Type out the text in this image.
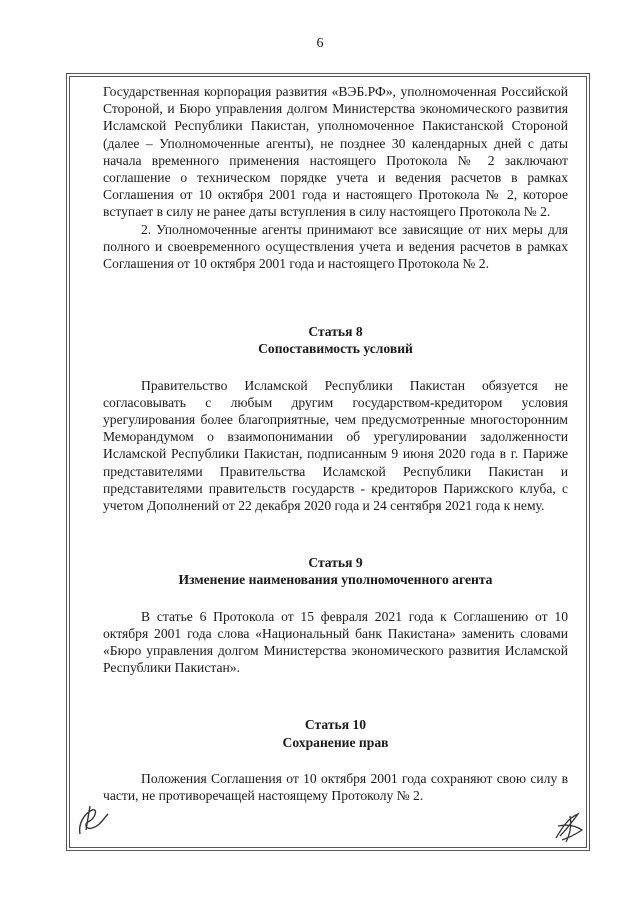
6

Государственная корпорация развития «ВЭБ.РФ», уполномоченная Российской Стороной, и Бюро управления долгом Министерства экономического развития Исламской Республики Пакистан, уполномоченное Пакистанской Стороной (далее – Уполномоченные агенты), не позднее 30 календарных дней с даты начала временного применения настоящего Протокола № 2 заключают соглашение о техническом порядке учета и ведения расчетов в рамках Соглашения от 10 октября 2001 года и настоящего Протокола № 2, которое вступает в силу не ранее даты вступления в силу настоящего Протокола № 2.

2. Уполномоченные агенты принимают все зависящие от них меры для полного и своевременного осуществления учета и ведения расчетов в рамках Соглашения от 10 октября 2001 года и настоящего Протокола № 2.

Статья 8
Сопоставимость условий

Правительство Исламской Республики Пакистан обязуется не согласовывать с любым другим государством-кредитором условия урегулирования более благоприятные, чем предусмотренные многосторонним Меморандумом о взаимопонимании об урегулировании задолженности Исламской Республики Пакистан, подписанным 9 июня 2020 года в г. Париже представителями Правительства Исламской Республики Пакистан и представителями правительств государств - кредиторов Парижского клуба, с учетом Дополнений от 22 декабря 2020 года и 24 сентября 2021 года к нему.

Статья 9
Изменение наименования уполномоченного агента

В статье 6 Протокола от 15 февраля 2021 года к Соглашению от 10 октября 2001 года слова «Национальный банк Пакистана» заменить словами «Бюро управления долгом Министерства экономического развития Исламской Республики Пакистан».

Статья 10
Сохранение прав

Положения Соглашения от 10 октября 2001 года сохраняют свою силу в части, не противоречащей настоящему Протоколу № 2.
